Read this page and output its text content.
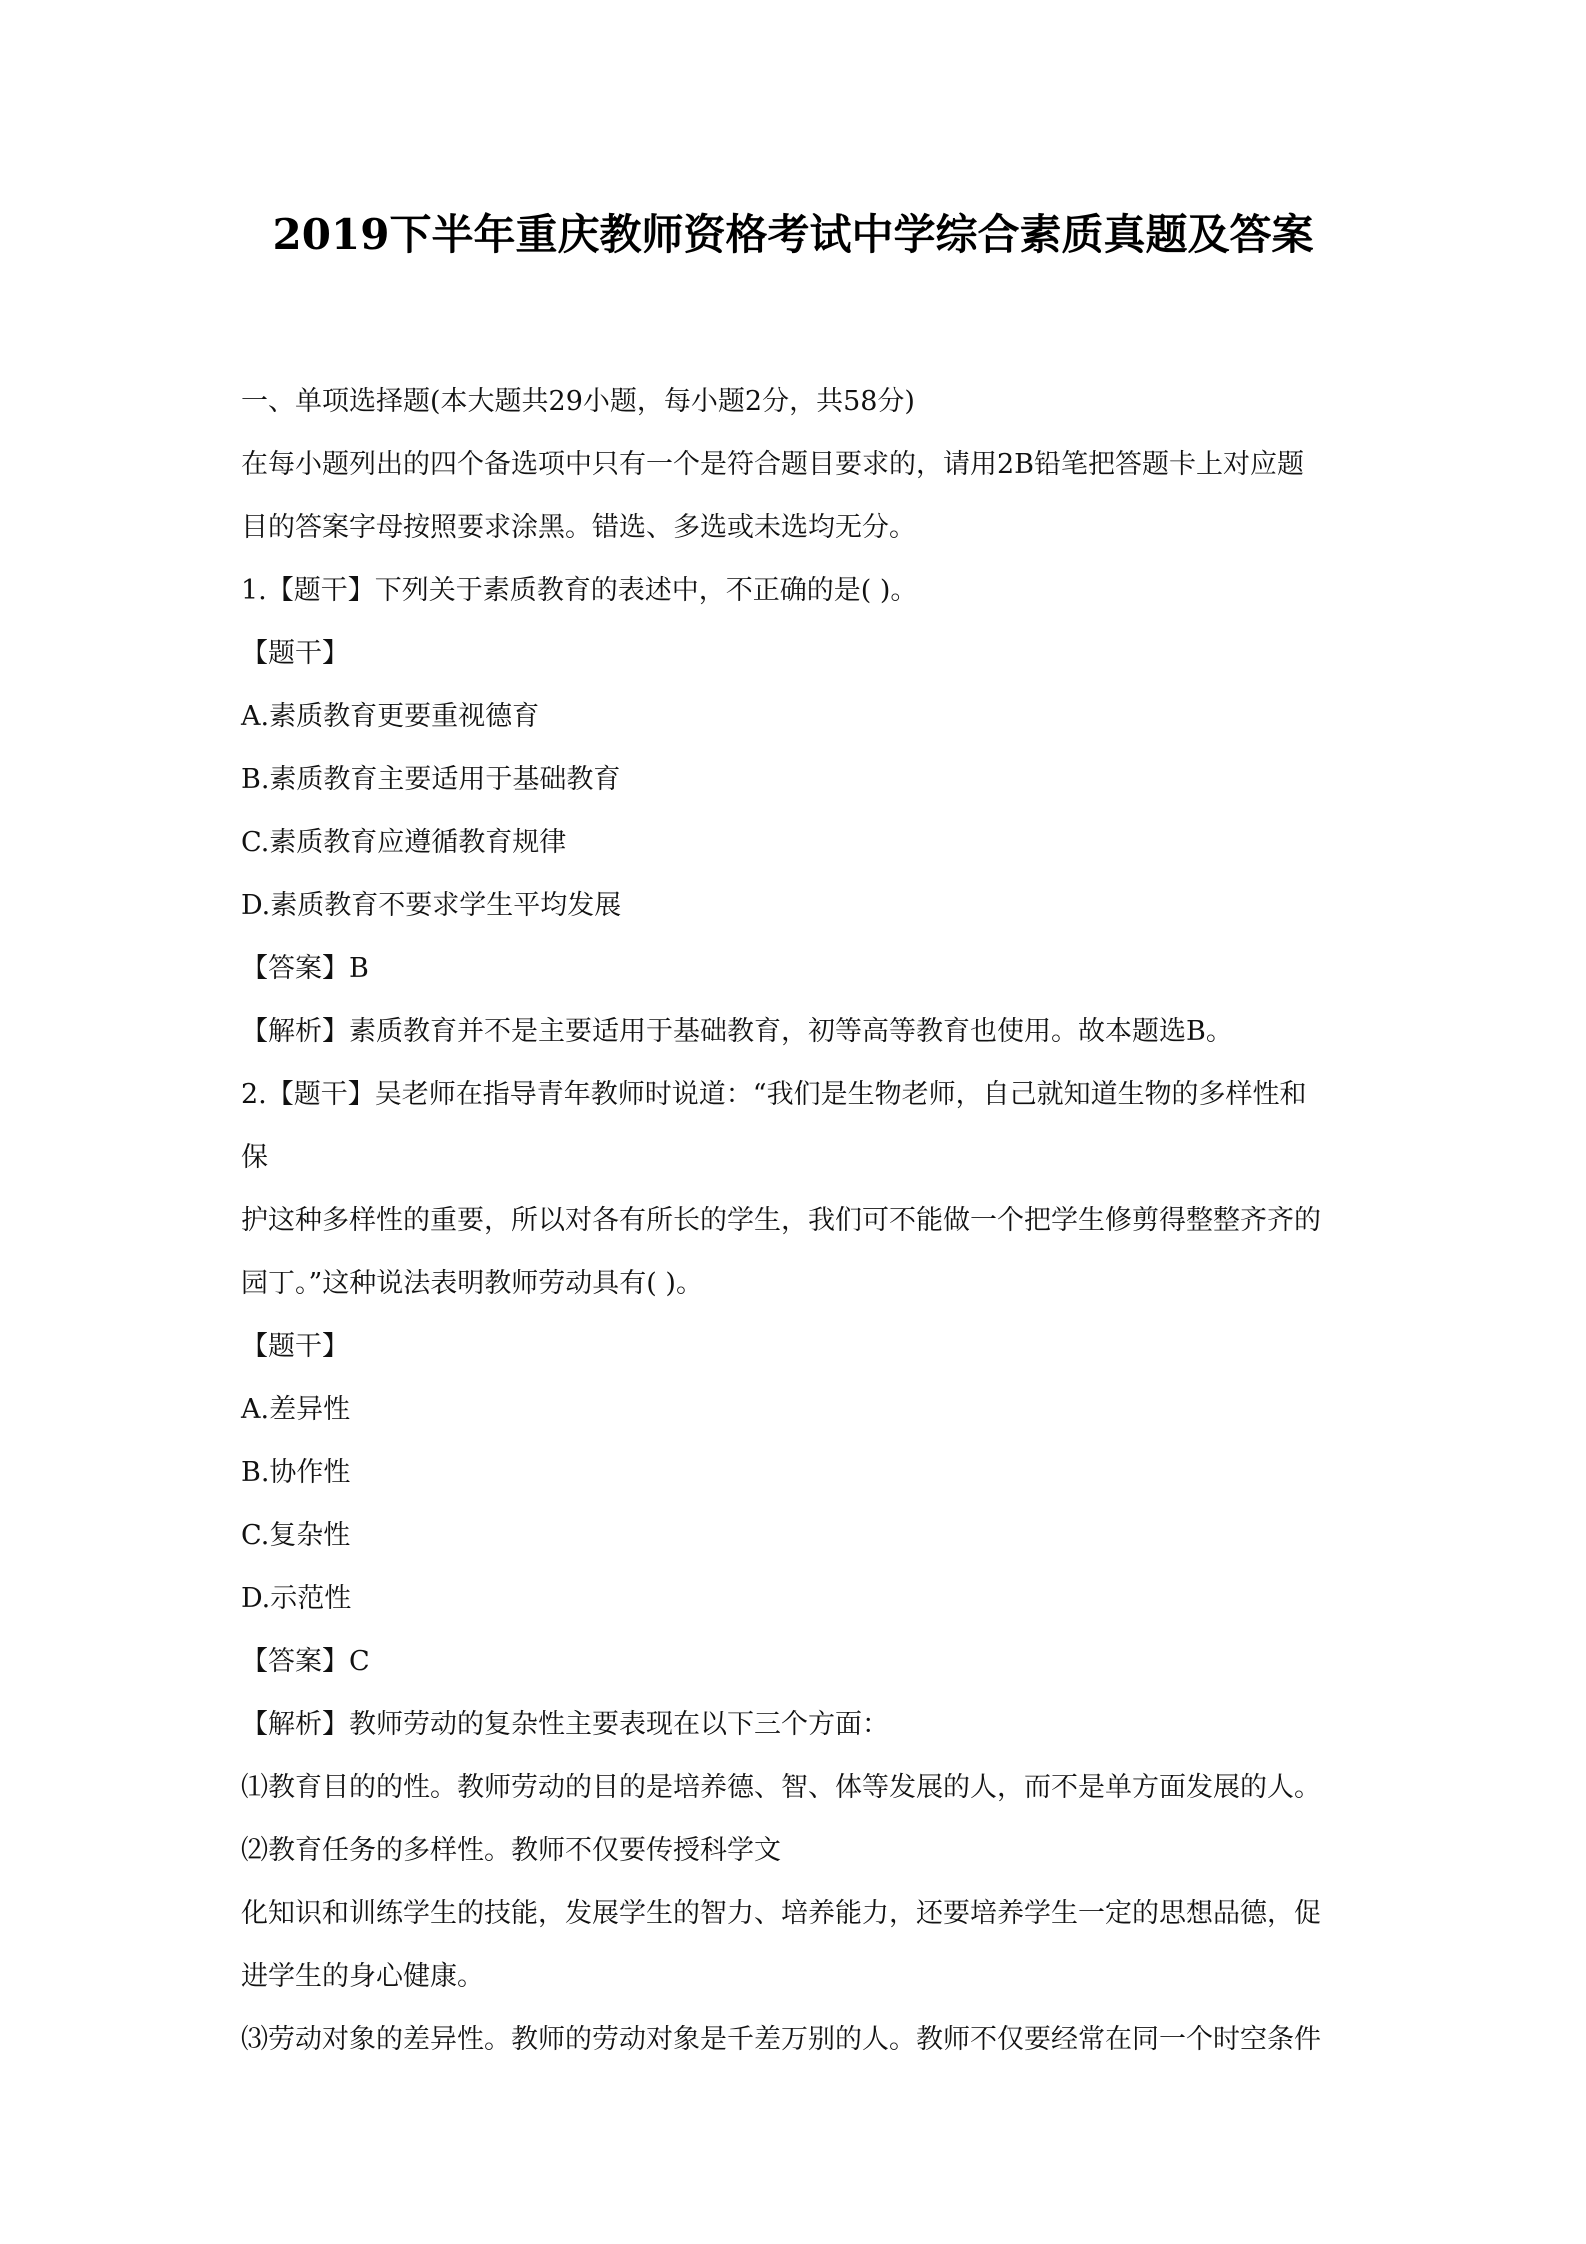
2019下半年重庆教师资格考试中学综合素质真题及答案

一、单项选择题(本大题共29小题，每小题2分，共58分)

在每小题列出的四个备选项中只有一个是符合题目要求的，请用2B铅笔把答题卡上对应题

目的答案字母按照要求涂黑。错选、多选或未选均无分。

1.【题干】下列关于素质教育的表述中，不正确的是( )。

【题干】

A.素质教育更要重视德育

B.素质教育主要适用于基础教育

C.素质教育应遵循教育规律

D.素质教育不要求学生平均发展

【答案】B

【解析】素质教育并不是主要适用于基础教育，初等高等教育也使用。故本题选B。

2.【题干】吴老师在指导青年教师时说道：“我们是生物老师，自己就知道生物的多样性和

保

护这种多样性的重要，所以对各有所长的学生，我们可不能做一个把学生修剪得整整齐齐的

园丁。”这种说法表明教师劳动具有( )。

【题干】

A.差异性

B.协作性

C.复杂性

D.示范性

【答案】C

【解析】教师劳动的复杂性主要表现在以下三个方面：

⑴教育目的的性。教师劳动的目的是培养德、智、体等发展的人，而不是单方面发展的人。

⑵教育任务的多样性。教师不仅要传授科学文

化知识和训练学生的技能，发展学生的智力、培养能力，还要培养学生一定的思想品德，促

进学生的身心健康。

⑶劳动对象的差异性。教师的劳动对象是千差万别的人。教师不仅要经常在同一个时空条件
